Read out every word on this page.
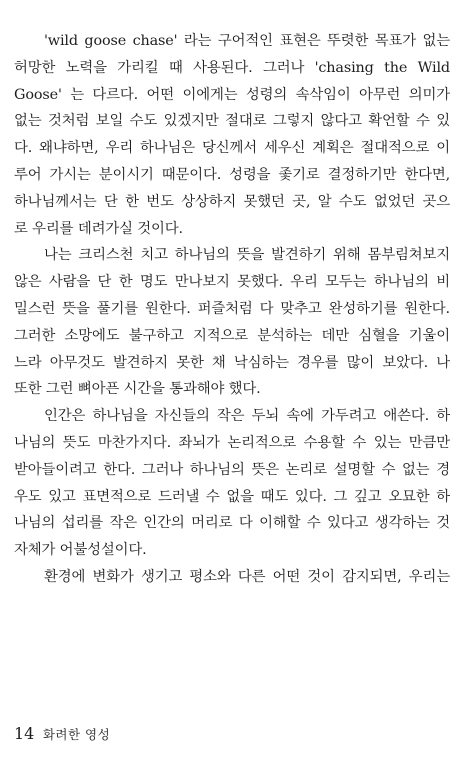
'wild goose chase' 라는 구어적인 표현은 뚜렷한 목표가 없는
허망한 노력을 가리킬 때 사용된다. 그러나 'chasing the Wild
Goose' 는 다르다. 어떤 이에게는 성령의 속삭임이 아무런 의미가
없는 것처럼 보일 수도 있겠지만 절대로 그렇지 않다고 확언할 수 있
다. 왜냐하면, 우리 하나님은 당신께서 세우신 계획은 절대적으로 이
루어 가시는 분이시기 때문이다. 성령을 좇기로 결정하기만 한다면,
하나님께서는 단 한 번도 상상하지 못했던 곳, 알 수도 없었던 곳으
로 우리를 데려가실 것이다.
나는 크리스천 치고 하나님의 뜻을 발견하기 위해 몸부림쳐보지
않은 사람을 단 한 명도 만나보지 못했다. 우리 모두는 하나님의 비
밀스런 뜻을 풀기를 원한다. 퍼즐처럼 다 맞추고 완성하기를 원한다.
그러한 소망에도 불구하고 지적으로 분석하는 데만 심혈을 기울이
느라 아무것도 발견하지 못한 채 낙심하는 경우를 많이 보았다. 나
또한 그런 뼈아픈 시간을 통과해야 했다.
인간은 하나님을 자신들의 작은 두뇌 속에 가두려고 애쓴다. 하
나님의 뜻도 마찬가지다. 좌뇌가 논리적으로 수용할 수 있는 만큼만
받아들이려고 한다. 그러나 하나님의 뜻은 논리로 설명할 수 없는 경
우도 있고 표면적으로 드러낼 수 없을 때도 있다. 그 깊고 오묘한 하
나님의 섭리를 작은 인간의 머리로 다 이해할 수 있다고 생각하는 것
자체가 어불성설이다.
환경에 변화가 생기고 평소와 다른 어떤 것이 감지되면, 우리는
14 화려한 영성
